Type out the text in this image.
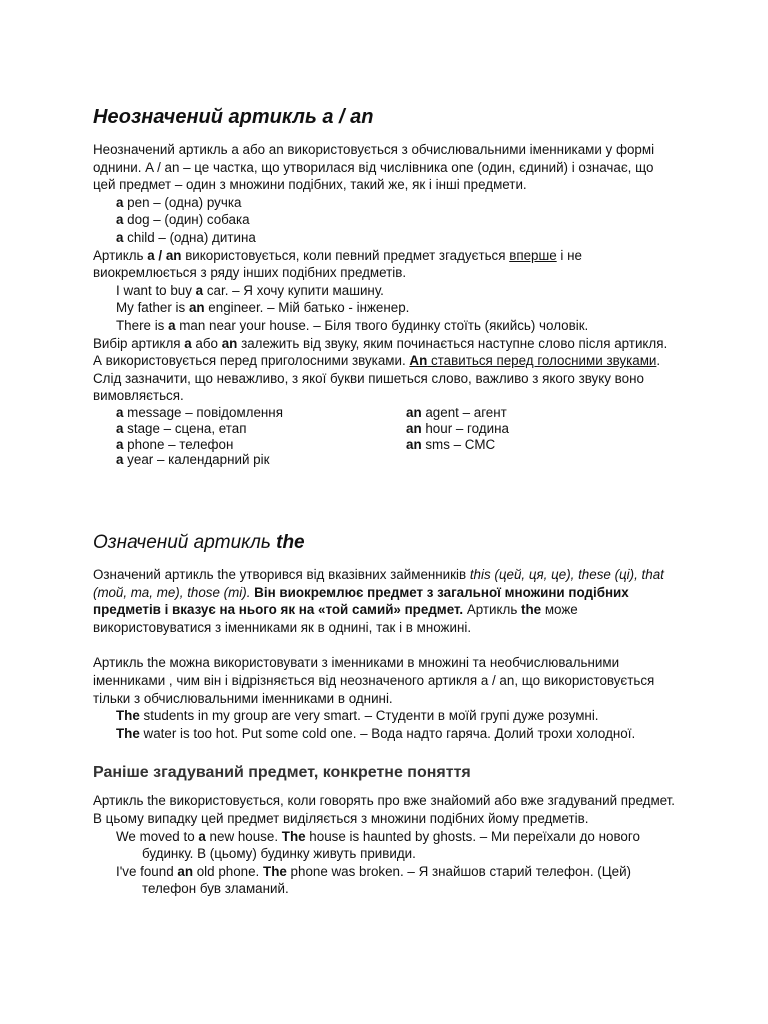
Неозначений артикль a / an

Неозначений артикль a або an використовується з обчислювальними іменниками у формі однини. A / an – це частка, що утворилася від числівника one (один, єдиний) і означає, що цей предмет – один з множини подібних, такий же, як і інші предмети.

a pen – (одна) ручка
a dog – (один) собака
a child – (одна) дитина

Артикль a / an використовується, коли певний предмет згадується вперше і не виокремлюється з ряду інших подібних предметів.

I want to buy a car. – Я хочу купити машину.
My father is an engineer. – Мій батько - інженер.
There is a man near your house. – Біля твого будинку стоїть (якийсь) чоловік.

Вибір артикля a або an залежить від звуку, яким починається наступне слово після артикля. А використовується перед приголосними звуками. An ставиться перед голосними звуками. Слід зазначити, що неважливо, з якої букви пишеться слово, важливо з якого звуку воно вимовляється.

a message – повідомлення	an agent – агент
a stage – сцена, етап	an hour – година
a phone – телефон	an sms – СМС
a year – календарний рік
Означений артикль the

Означений артикль the утворився від вказівних займенників this (цей, ця, це), these (ці), that (той, та, те), those (ті). Він виокремлює предмет з загальної множини подібних предметів і вказує на нього як на «той самий» предмет. Артикль the може використовуватися з іменниками як в однині, так і в множині.

Артикль the можна використовувати з іменниками в множині та необчислювальними іменниками , чим він і відрізняється від неозначеного артикля a / an, що використовується тільки з обчислювальними іменниками в однині.

The students in my group are very smart. – Студенти в моїй групі дуже розумні.
The water is too hot. Put some cold one. – Вода надто гаряча. Долий трохи холодної.
Раніше згадуваний предмет, конкретне поняття

Артикль the використовується, коли говорять про вже знайомий або вже згадуваний предмет. В цьому випадку цей предмет виділяється з множини подібних йому предметів.

We moved to a new house. The house is haunted by ghosts. – Ми переїхали до нового будинку. В (цьому) будинку живуть привиди.
I've found an old phone. The phone was broken. – Я знайшов старий телефон. (Цей) телефон був зламаний.
